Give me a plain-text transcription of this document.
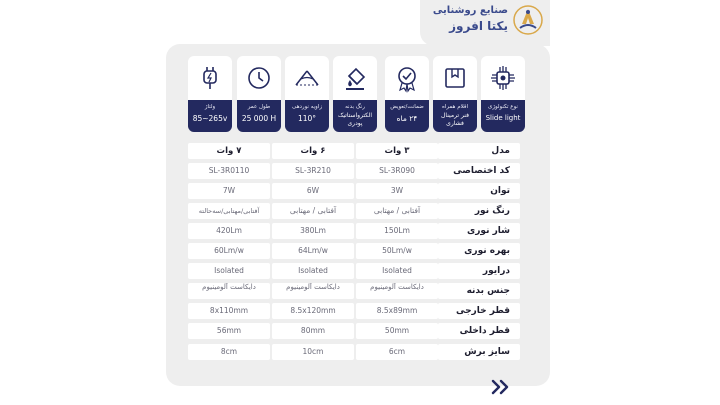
صنایع روشنایی
یکتا افروز
نوع تکنولوژی
Slide light
اقلام همراه
فنر ترمینال فشاری
ضمانت/تعویض
۲۴ ماه
رنگ بدنه
الکترواستاتیک پودری
زاویه نوردهی
110°
طول عمر
25 000 H
ولتاژ
85~265v
مدل
۳ وات
۶ وات
۷ وات
کد اختصاصی
SL-3R090
SL-3R210
SL-3R0110
توان
3W
6W
7W
رنگ نور
آفتابی / مهتابی
آفتابی / مهتابی
آفتابی/مهتابی/سه‌حالته
شار نوری
150Lm
380Lm
420Lm
بهره نوری
50Lm/w
64Lm/w
60Lm/w
درایور
Isolated
Isolated
Isolated
جنس بدنه
دایکاست آلومینیوم
دایکاست آلومینیوم
دایکاست آلومینیوم
قطر خارجی
8.5x89mm
8.5x120mm
8x110mm
قطر داخلی
50mm
80mm
56mm
سایز برش
6cm
10cm
8cm
